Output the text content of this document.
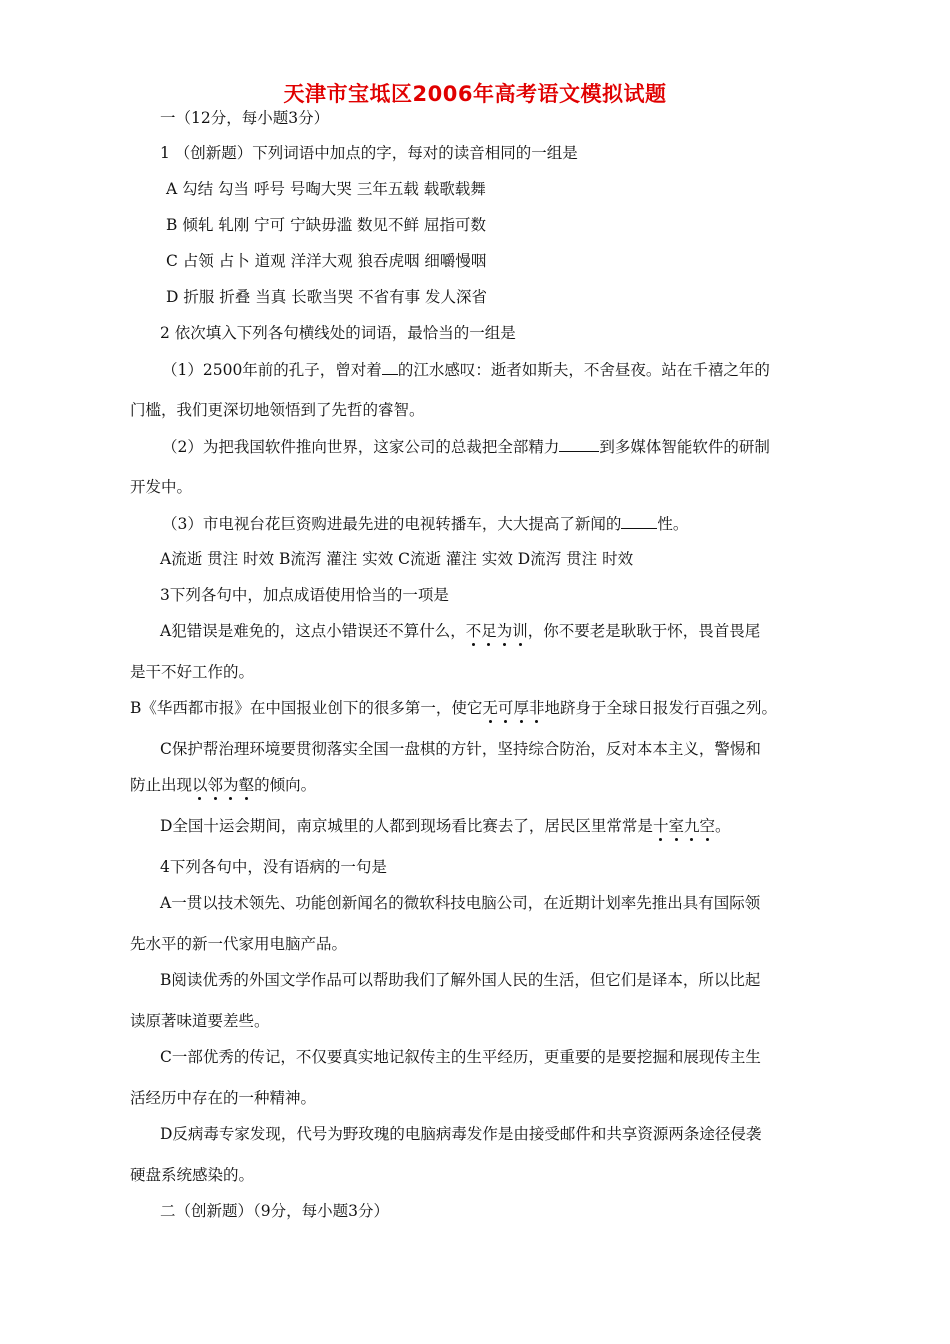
天津市宝坻区2006年高考语文模拟试题
一（12分，每小题3分）
1 （创新题）下列词语中加点的字，每对的读音相同的一组是
A 勾结 勾当 呼号 号啕大哭 三年五载 载歌载舞
B 倾轧 轧刚 宁可 宁缺毋滥 数见不鲜 屈指可数
C 占领 占卜 道观 洋洋大观 狼吞虎咽 细嚼慢咽
D 折服 折叠 当真 长歌当哭 不省有事 发人深省
2 依次填入下列各句横线处的词语，最恰当的一组是
（1）2500年前的孔子，曾对着 的江水感叹：逝者如斯夫，不舍昼夜。站在千禧之年的
门槛，我们更深切地领悟到了先哲的睿智。
（2）为把我国软件推向世界，这家公司的总裁把全部精力	到多媒体智能软件的研制
开发中。
（3）市电视台花巨资购进最先进的电视转播车，大大提高了新闻的 性。
A流逝 贯注 时效 B流泻 灌注 实效 C流逝 灌注 实效 D流泻 贯注 时效
3下列各句中，加点成语使用恰当的一项是
A犯错误是难免的，这点小错误还不算什么，不足为训，你不要老是耿耿于怀，畏首畏尾
是干不好工作的。
B《华西都市报》在中国报业创下的很多第一，使它无可厚非地跻身于全球日报发行百强之列。
C保护帮治理环境要贯彻落实全国一盘棋的方针，坚持综合防治，反对本本主义，警惕和
防止出现以邻为壑的倾向。
D全国十运会期间，南京城里的人都到现场看比赛去了，居民区里常常是十室九空。
4下列各句中，没有语病的一句是
A一贯以技术领先、功能创新闻名的微软科技电脑公司，在近期计划率先推出具有国际领
先水平的新一代家用电脑产品。
B阅读优秀的外国文学作品可以帮助我们了解外国人民的生活，但它们是译本，所以比起
读原著味道要差些。
C一部优秀的传记，不仅要真实地记叙传主的生平经历，更重要的是要挖掘和展现传主生
活经历中存在的一种精神。
D反病毒专家发现，代号为野玫瑰的电脑病毒发作是由接受邮件和共享资源两条途径侵袭
硬盘系统感染的。
二（创新题）（9分，每小题3分）
